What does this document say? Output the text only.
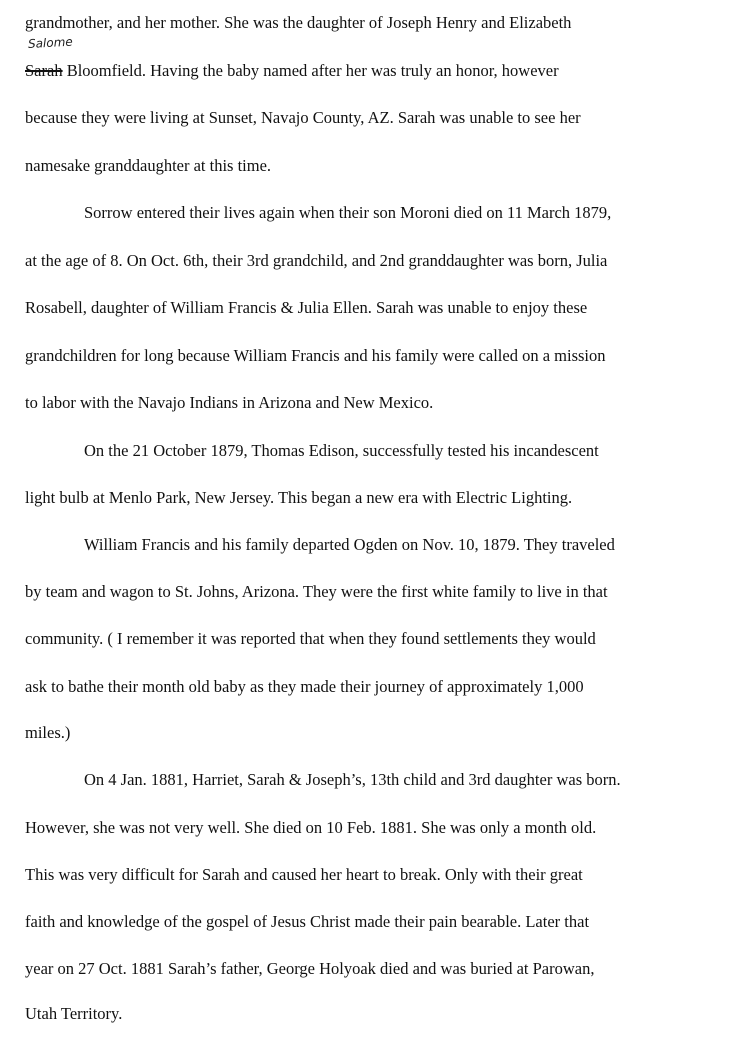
Salome
grandmother, and her mother. She was the daughter of Joseph Henry and Elizabeth
Sarah Bloomfield. Having the baby named after her was truly an honor, however
because they were living at Sunset, Navajo County, AZ. Sarah was unable to see her
namesake granddaughter at this time.
Sorrow entered their lives again when their son Moroni died on 11 March 1879,
at the age of 8. On Oct. 6th, their 3rd grandchild, and 2nd granddaughter was born, Julia
Rosabell, daughter of William Francis & Julia Ellen. Sarah was unable to enjoy these
grandchildren for long because William Francis and his family were called on a mission
to labor with the Navajo Indians in Arizona and New Mexico.
On the 21 October 1879, Thomas Edison, successfully tested his incandescent
light bulb at Menlo Park, New Jersey. This began a new era with Electric Lighting.
William Francis and his family departed Ogden on Nov. 10, 1879. They traveled
by team and wagon to St. Johns, Arizona. They were the first white family to live in that
community. ( I remember it was reported that when they found settlements they would
ask to bathe their month old baby as they made their journey of approximately 1,000
miles.)
On 4 Jan. 1881, Harriet, Sarah & Joseph’s, 13th child and 3rd daughter was born.
However, she was not very well. She died on 10 Feb. 1881. She was only a month old.
This was very difficult for Sarah and caused her heart to break. Only with their great
faith and knowledge of the gospel of Jesus Christ made their pain bearable. Later that
year on 27 Oct. 1881 Sarah’s father, George Holyoak died and was buried at Parowan,
Utah Territory.
